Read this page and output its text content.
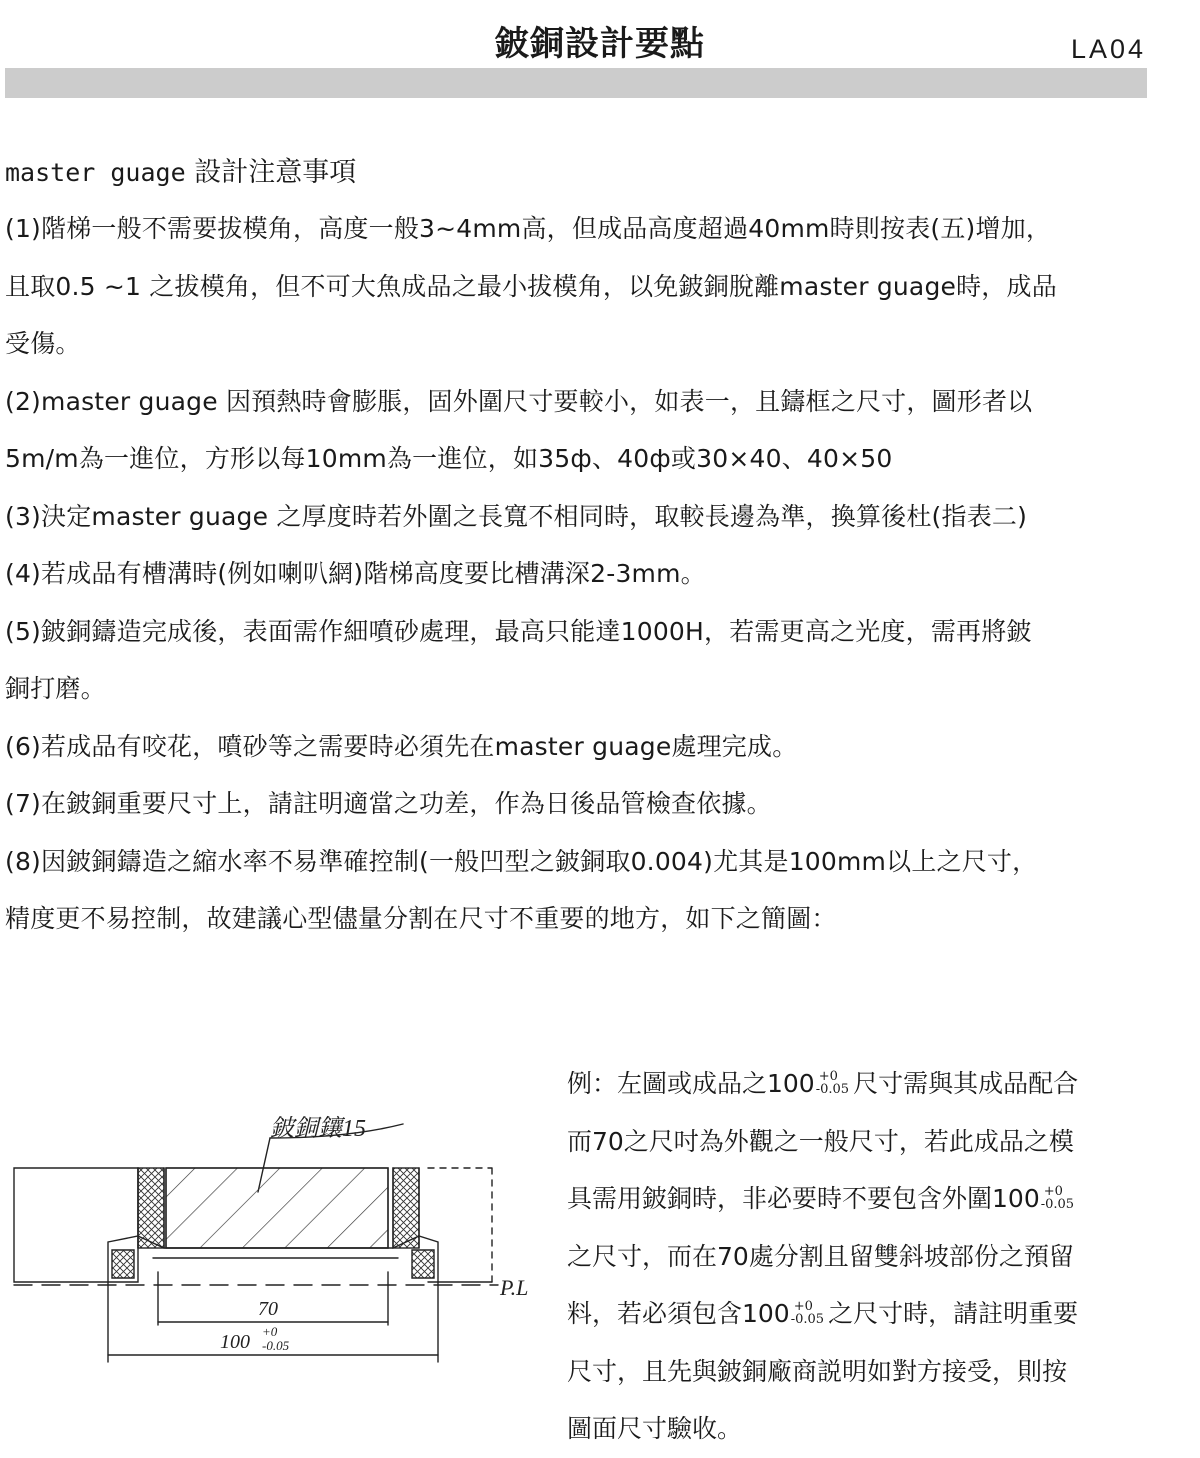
鈹銅設計要點	LA04
master guage 設計注意事項
(1)階梯一般不需要拔模角，高度一般3~4mm高，但成品高度超過40mm時則按表(五)增加，
且取0.5 ~1 之拔模角，但不可大魚成品之最小拔模角，以免鈹銅脫離master guage時，成品
受傷。
(2)master guage 因預熱時會膨脹，固外圍尺寸要較小，如表一，且鑄框之尺寸，圖形者以
5m/m為一進位，方形以每10mm為一進位，如35ф、40ф或30×40、40×50
(3)決定master guage 之厚度時若外圍之長寬不相同時，取較長邊為準，換算後杜(指表二)
(4)若成品有槽溝時(例如喇叭網)階梯高度要比槽溝深2-3mm。
(5)鈹銅鑄造完成後，表面需作細噴砂處理，最高只能達1000H，若需更高之光度，需再將鈹
銅打磨。
(6)若成品有咬花，噴砂等之需要時必須先在master guage處理完成。
(7)在鈹銅重要尺寸上，請註明適當之功差，作為日後品管檢查依據。
(8)因鈹銅鑄造之縮水率不易準確控制(一般凹型之鈹銅取0.004)尤其是100mm以上之尺寸，
精度更不易控制，故建議心型儘量分割在尺寸不重要的地方，如下之簡圖：
鈹銅鑲15
P.L
70
100 +0
-0.05
例：左圖或成品之100 +0
-0.05 尺寸需與其成品配合
而70之尺吋為外觀之一般尺寸，若此成品之模
具需用鈹銅時，非必要時不要包含外圍100 +0
-0.05
之尺寸，而在70處分割且留雙斜坡部份之預留
料，若必須包含100 +0
-0.05 之尺寸時，請註明重要
尺寸，且先與鈹銅廠商説明如對方接受，則按
圖面尺寸驗收。
